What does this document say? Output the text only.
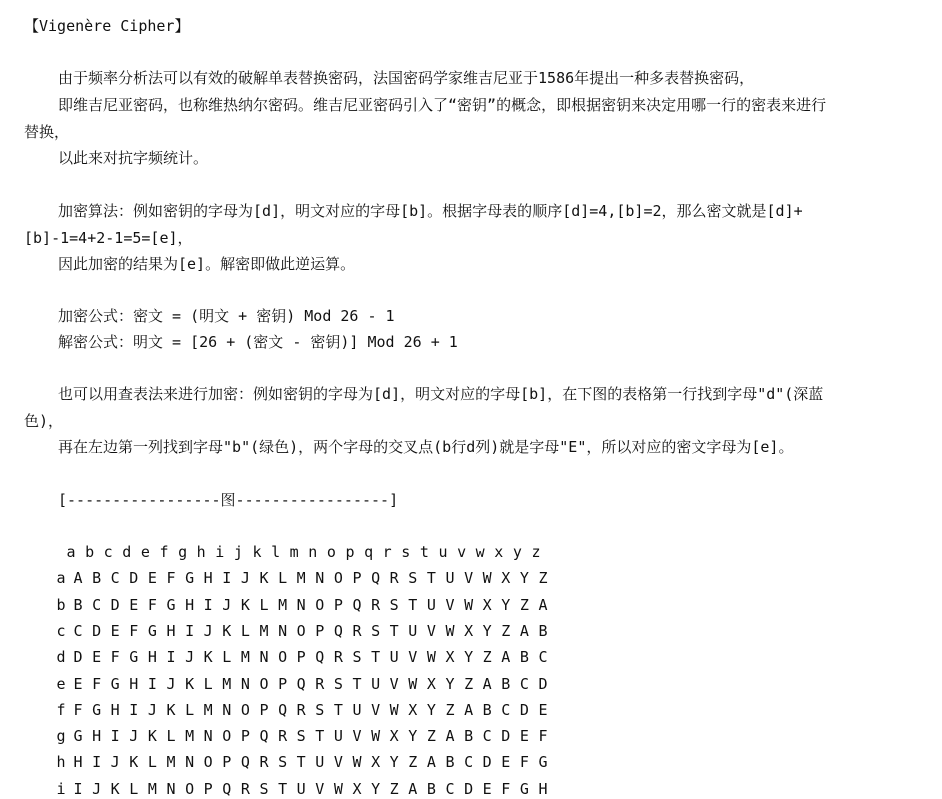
【Vigenère Cipher】
由于频率分析法可以有效的破解单表替换密码，法国密码学家维吉尼亚于1586年提出一种多表替换密码，
即维吉尼亚密码，也称维热纳尔密码。维吉尼亚密码引入了“密钥”的概念，即根据密钥来决定用哪一行的密表来进行
替换，
以此来对抗字频统计。
加密算法：例如密钥的字母为[d]，明文对应的字母[b]。根据字母表的顺序[d]=4,[b]=2，那么密文就是[d]+
[b]-1=4+2-1=5=[e]，
因此加密的结果为[e]。解密即做此逆运算。
加密公式：密文 = (明文 + 密钥) Mod 26 - 1
解密公式：明文 = [26 + (密文 - 密钥)] Mod 26 + 1
也可以用查表法来进行加密：例如密钥的字母为[d]，明文对应的字母[b]，在下图的表格第一行找到字母"d"(深蓝
色)，
再在左边第一列找到字母"b"(绿色)，两个字母的交叉点(b行d列)就是字母"E"，所以对应的密文字母为[e]。
[-----------------图-----------------]
a b c d e f g h i j k l m n o p q r s t u v w x y z
a A B C D E F G H I J K L M N O P Q R S T U V W X Y Z
b B C D E F G H I J K L M N O P Q R S T U V W X Y Z A
c C D E F G H I J K L M N O P Q R S T U V W X Y Z A B
d D E F G H I J K L M N O P Q R S T U V W X Y Z A B C
e E F G H I J K L M N O P Q R S T U V W X Y Z A B C D
f F G H I J K L M N O P Q R S T U V W X Y Z A B C D E
g G H I J K L M N O P Q R S T U V W X Y Z A B C D E F
h H I J K L M N O P Q R S T U V W X Y Z A B C D E F G
i I J K L M N O P Q R S T U V W X Y Z A B C D E F G H
